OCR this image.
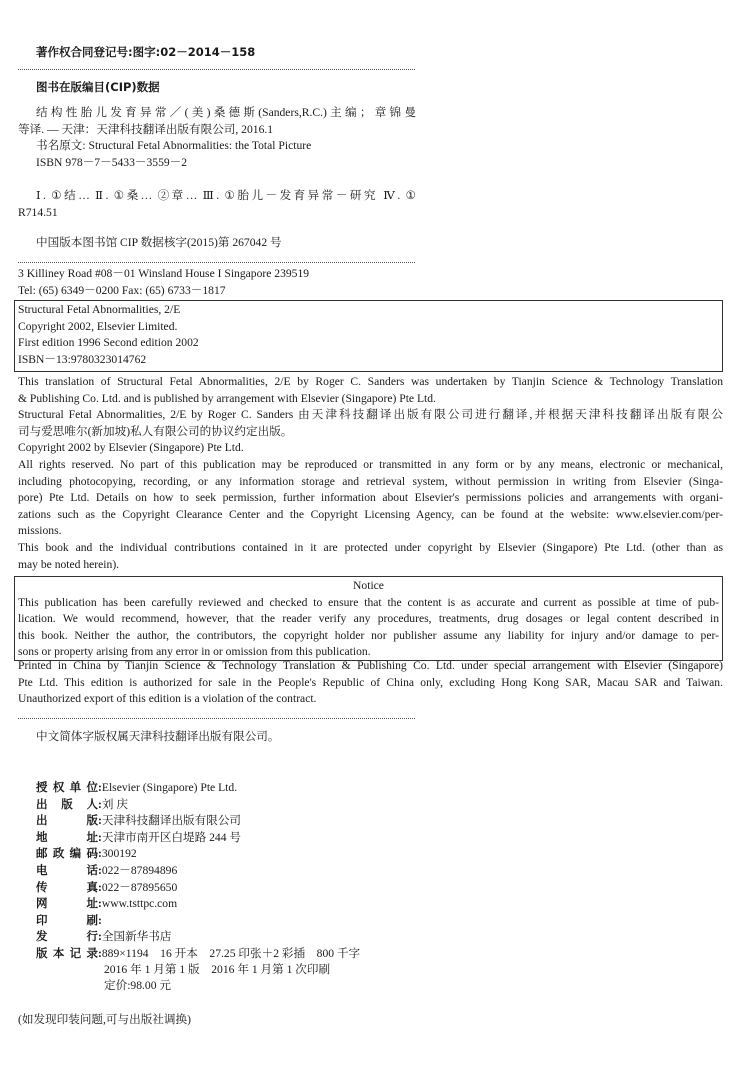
著作权合同登记号:图字:02－2014－158
图书在版编目(CIP)数据
结构性胎儿发育异常／(美)桑德斯(Sanders,R.C.)主编；章锦曼
等译. — 天津：天津科技翻译出版有限公司, 2016.1
书名原文: Structural Fetal Abnormalities: the Total Picture
ISBN 978－7－5433－3559－2
Ⅰ. ①结… Ⅱ. ①桑… ②章… Ⅲ. ①胎儿－发育异常－研究 Ⅳ. ①
R714.51
中国版本图书馆 CIP 数据核字(2015)第 267042 号
3 Killiney Road #08－01 Winsland House I Singapore 239519
Tel: (65) 6349－0200 Fax: (65) 6733－1817
Structural Fetal Abnormalities, 2/E
Copyright 2002, Elsevier Limited.
First edition 1996 Second edition 2002
ISBN－13:9780323014762
This translation of Structural Fetal Abnormalities, 2/E by Roger C. Sanders was undertaken by Tianjin Science & Technology Translation
& Publishing Co. Ltd. and is published by arrangement with Elsevier (Singapore) Pte Ltd.
Structural Fetal Abnormalities, 2/E by Roger C. Sanders 由天津科技翻译出版有限公司进行翻译,并根据天津科技翻译出版有限公
司与爱思唯尔(新加坡)私人有限公司的协议约定出版。
Copyright 2002 by Elsevier (Singapore) Pte Ltd.
All rights reserved. No part of this publication may be reproduced or transmitted in any form or by any means, electronic or mechanical,
including photocopying, recording, or any information storage and retrieval system, without permission in writing from Elsevier (Singa-
pore) Pte Ltd. Details on how to seek permission, further information about Elsevier's permissions policies and arrangements with organi-
zations such as the Copyright Clearance Center and the Copyright Licensing Agency, can be found at the website: www.elsevier.com/per-
missions.
This book and the individual contributions contained in it are protected under copyright by Elsevier (Singapore) Pte Ltd. (other than as
may be noted herein).
Notice
This publication has been carefully reviewed and checked to ensure that the content is as accurate and current as possible at time of pub-
lication. We would recommend, however, that the reader verify any procedures, treatments, drug dosages or legal content described in
this book. Neither the author, the contributors, the copyright holder nor publisher assume any liability for injury and/or damage to per-
sons or property arising from any error in or omission from this publication.
Printed in China by Tianjin Science & Technology Translation & Publishing Co. Ltd. under special arrangement with Elsevier (Singapore)
Pte Ltd. This edition is authorized for sale in the People's Republic of China only, excluding Hong Kong SAR, Macau SAR and Taiwan.
Unauthorized export of this edition is a violation of the contract.
中文简体字版权属天津科技翻译出版有限公司。
授权单位:Elsevier (Singapore) Pte Ltd.
出版人:刘 庆
出版:天津科技翻译出版有限公司
地址:天津市南开区白堤路 244 号
邮政编码:300192
电话:022－87894896
传真:022－87895650
网址:www.tsttpc.com
印刷:
发行:全国新华书店
版本记录:889×1194　16 开本　27.25 印张＋2 彩插　800 千字
2016 年 1 月第 1 版　2016 年 1 月第 1 次印刷
定价:98.00 元
(如发现印装问题,可与出版社调换)
